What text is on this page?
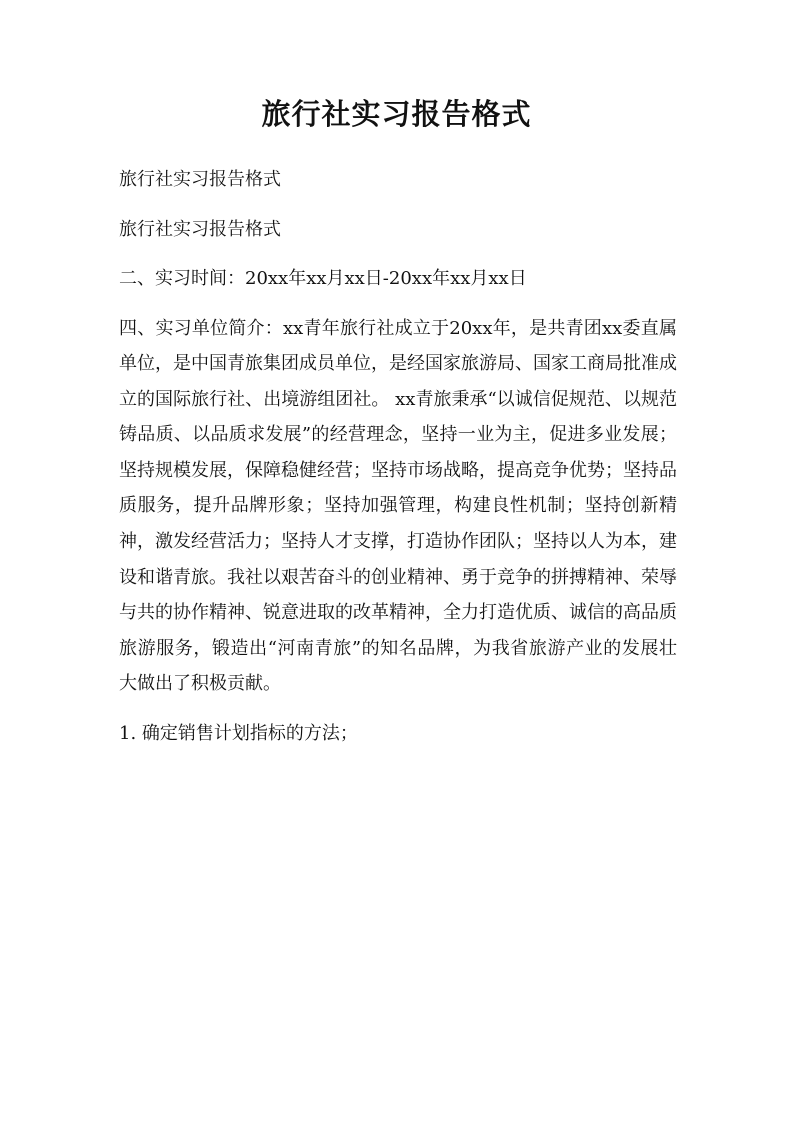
旅行社实习报告格式

旅行社实习报告格式

旅行社实习报告格式

二、实习时间：20xx年xx月xx日-20xx年xx月xx日

四、实习单位简介：xx青年旅行社成立于20xx年，是共青团xx委直属单位，是中国青旅集团成员单位，是经国家旅游局、国家工商局批准成立的国际旅行社、出境游组团社。 xx青旅秉承“以诚信促规范、以规范铸品质、以品质求发展”的经营理念，坚持一业为主，促进多业发展；坚持规模发展，保障稳健经营；坚持市场战略，提高竞争优势；坚持品质服务，提升品牌形象；坚持加强管理，构建良性机制；坚持创新精神，激发经营活力；坚持人才支撑，打造协作团队；坚持以人为本，建设和谐青旅。我社以艰苦奋斗的创业精神、勇于竞争的拼搏精神、荣辱与共的协作精神、锐意进取的改革精神，全力打造优质、诚信的高品质旅游服务，锻造出“河南青旅”的知名品牌，为我省旅游产业的发展壮大做出了积极贡献。

1. 确定销售计划指标的方法；
